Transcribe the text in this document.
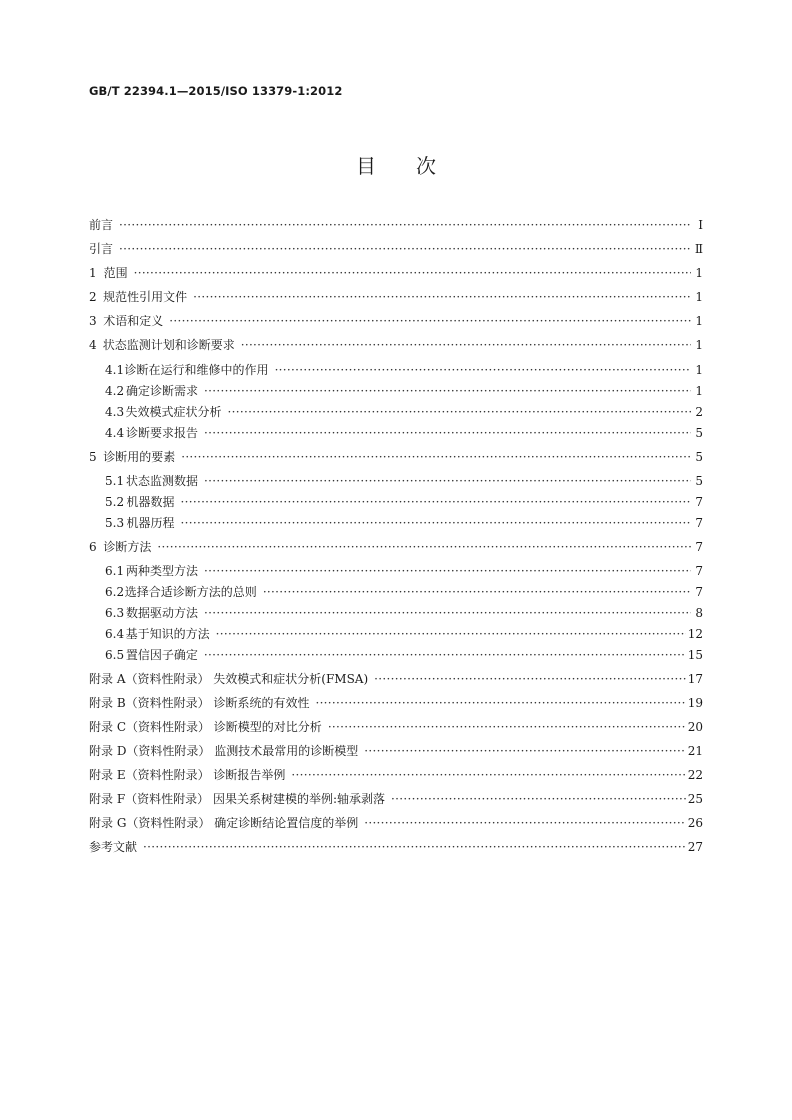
GB/T 22394.1—2015/ISO 13379-1:2012
目次
前言 ·····	Ⅰ
引言 ·····	Ⅱ
1 范围 ·····	1
2 规范性引用文件 ·····	1
3 术语和定义 ·····	1
4 状态监测计划和诊断要求 ·····	1
4.1 诊断在运行和维修中的作用 ·····	1
4.2 确定诊断需求 ·····	1
4.3 失效模式症状分析 ·····	2
4.4 诊断要求报告 ·····	5
5 诊断用的要素 ·····	5
5.1 状态监测数据 ·····	5
5.2 机器数据 ·····	7
5.3 机器历程 ·····	7
6 诊断方法 ·····	7
6.1 两种类型方法 ·····	7
6.2 选择合适诊断方法的总则 ·····	7
6.3 数据驱动方法 ·····	8
6.4 基于知识的方法 ·····	12
6.5 置信因子确定 ·····	15
附录 A（资料性附录） 失效模式和症状分析(FMSA) ·····	17
附录 B（资料性附录） 诊断系统的有效性 ·····	19
附录 C（资料性附录） 诊断模型的对比分析 ·····	20
附录 D（资料性附录） 监测技术最常用的诊断模型 ·····	21
附录 E（资料性附录） 诊断报告举例 ·····	22
附录 F（资料性附录） 因果关系树建模的举例:轴承剥落 ·····	25
附录 G（资料性附录） 确定诊断结论置信度的举例 ·····	26
参考文献 ·····	27
